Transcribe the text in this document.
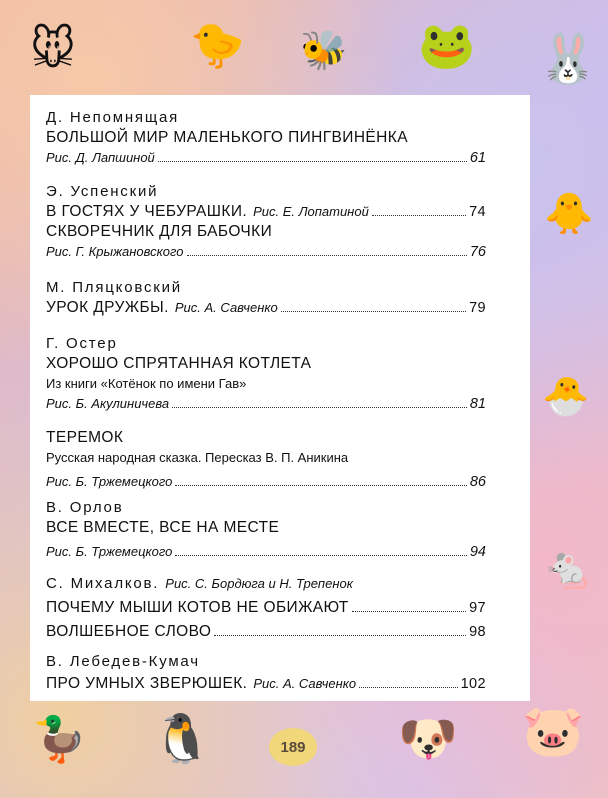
Д. Непомнящая
БОЛЬШОЙ МИР МАЛЕНЬКОГО ПИНГВИНЁНКА
Рис. Д. Лапшиной	61
Э. Успенский
В ГОСТЯХ У ЧЕБУРАШКИ. Рис. Е. Лопатиной	74
СКВОРЕЧНИК ДЛЯ БАБОЧКИ
Рис. Г. Крыжановского	76
М. Пляцковский
УРОК ДРУЖБЫ. Рис. А. Савченко	79
Г. Остер
ХОРОШО СПРЯТАННАЯ КОТЛЕТА
Из книги «Котёнок по имени Гав»
Рис. Б. Акулиничева	81
ТЕРЕМОК
Русская народная сказка. Пересказ В. П. Аникина
Рис. Б. Тржемецкого	86
В. Орлов
ВСЕ ВМЕСТЕ, ВСЕ НА МЕСТЕ
Рис. Б. Тржемецкого	94
С. Михалков. Рис. С. Бордюга и Н. Трепенок
ПОЧЕМУ МЫШИ КОТОВ НЕ ОБИЖАЮТ	97
ВОЛШЕБНОЕ СЛОВО	98
В. Лебедев-Кумач
ПРО УМНЫХ ЗВЕРЮШЕК. Рис. А. Савченко	102
🐭	🐤 🐝 🐸 🐰
🐥
🐣
🐁
🐷
🦆 🐧	🐶
189
